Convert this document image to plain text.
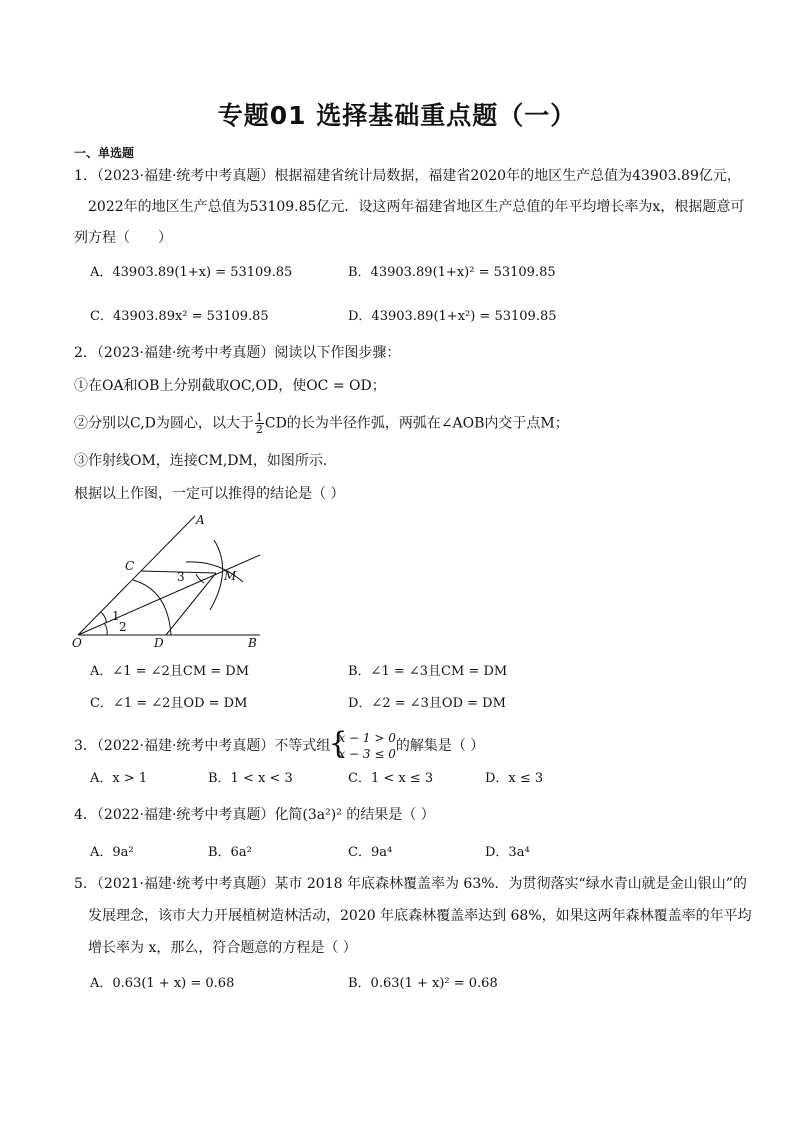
专题01 选择基础重点题（一）
一、单选题
1．（2023·福建·统考中考真题）根据福建省统计局数据，福建省2020年的地区生产总值为43903.89亿元，
2022年的地区生产总值为53109.85亿元．设这两年福建省地区生产总值的年平均增长率为x，根据题意可
列方程（　　）
A．43903.89(1+x) = 53109.85	B．43903.89(1+x)² = 53109.85
C．43903.89x² = 53109.85	D．43903.89(1+x²) = 53109.85
2．（2023·福建·统考中考真题）阅读以下作图步骤：
①在OA和OB上分别截取OC,OD，使OC = OD；
②分别以C,D为圆心，以大于 $\frac{1}{2}$ CD的长为半径作弧，两弧在∠AOB内交于点M；
③作射线OM，连接CM,DM，如图所示．
根据以上作图，一定可以推得的结论是（ ）
A
C
3	M
1
2
O	D	B
A．∠1 = ∠2且CM = DM	B．∠1 = ∠3且CM = DM
C．∠1 = ∠2且OD = DM	D．∠2 = ∠3且OD = DM
3．（2022·福建·统考中考真题）不等式组
{ x − 1 > 0
x − 3 ≤ 0 的解集是（ ）
A．x > 1	B．1 < x < 3	C．1 < x ≤ 3	D．x ≤ 3
4．（2022·福建·统考中考真题）化简(3a²)² 的结果是（ ）
A．9a²	B．6a²	C．9a⁴	D．3a⁴
5．（2021·福建·统考中考真题）某市 2018 年底森林覆盖率为 63%．为贯彻落实“绿水青山就是金山银山”的
发展理念，该市大力开展植树造林活动，2020 年底森林覆盖率达到 68%，如果这两年森林覆盖率的年平均
增长率为 x，那么，符合题意的方程是（ ）
A．0.63(1 + x) = 0.68	B．0.63(1 + x)² = 0.68
